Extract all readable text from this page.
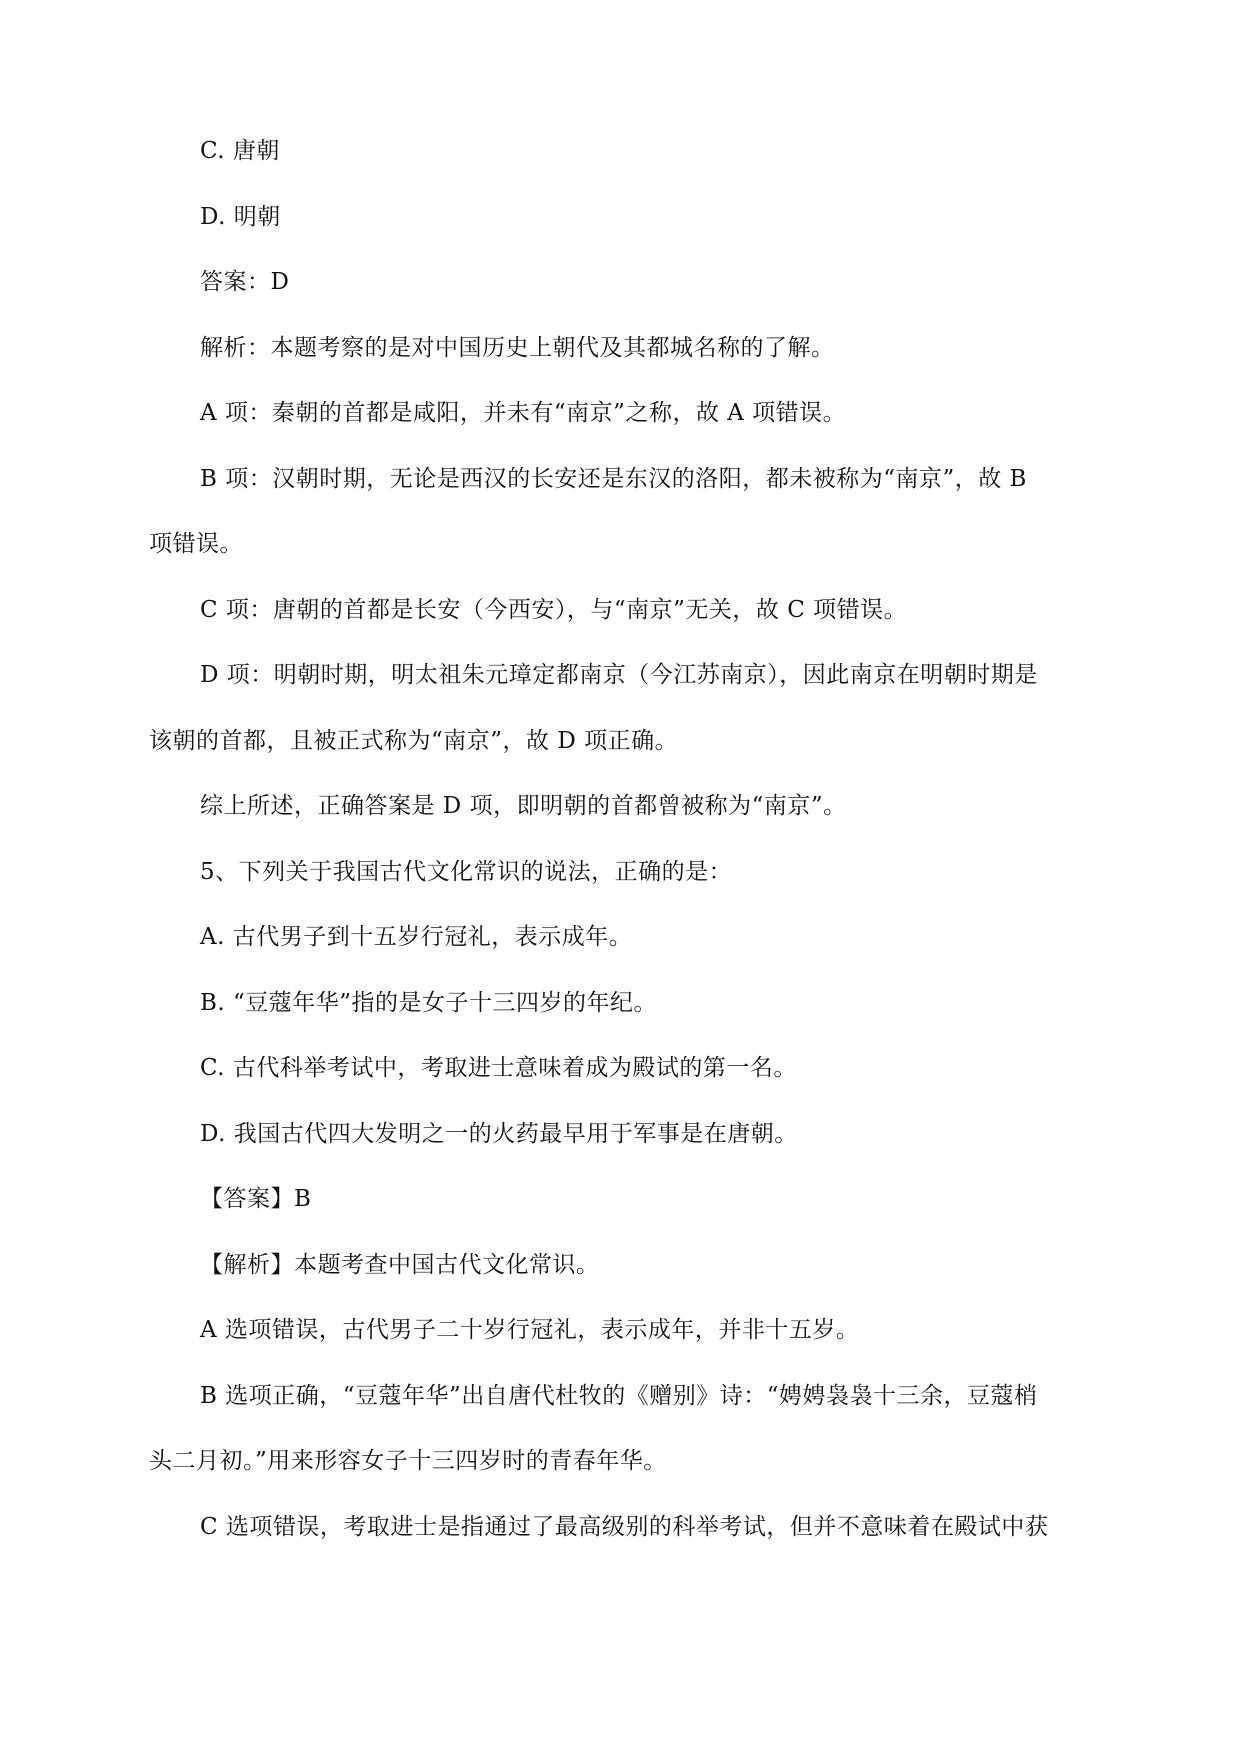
C. 唐朝
D. 明朝
答案：D
解析：本题考察的是对中国历史上朝代及其都城名称的了解。
A 项：秦朝的首都是咸阳，并未有“南京”之称，故 A 项错误。
B 项：汉朝时期，无论是西汉的长安还是东汉的洛阳，都未被称为“南京”，故 B
项错误。
C 项：唐朝的首都是长安（今西安），与“南京”无关，故 C 项错误。
D 项：明朝时期，明太祖朱元璋定都南京（今江苏南京），因此南京在明朝时期是
该朝的首都，且被正式称为“南京”，故 D 项正确。
综上所述，正确答案是 D 项，即明朝的首都曾被称为“南京”。
5、下列关于我国古代文化常识的说法，正确的是：
A. 古代男子到十五岁行冠礼，表示成年。
B. “豆蔻年华”指的是女子十三四岁的年纪。
C. 古代科举考试中，考取进士意味着成为殿试的第一名。
D. 我国古代四大发明之一的火药最早用于军事是在唐朝。
【答案】B
【解析】本题考查中国古代文化常识。
A 选项错误，古代男子二十岁行冠礼，表示成年，并非十五岁。
B 选项正确，“豆蔻年华”出自唐代杜牧的《赠别》诗：“娉娉袅袅十三余，豆蔻梢
头二月初。”用来形容女子十三四岁时的青春年华。
C 选项错误，考取进士是指通过了最高级别的科举考试，但并不意味着在殿试中获
